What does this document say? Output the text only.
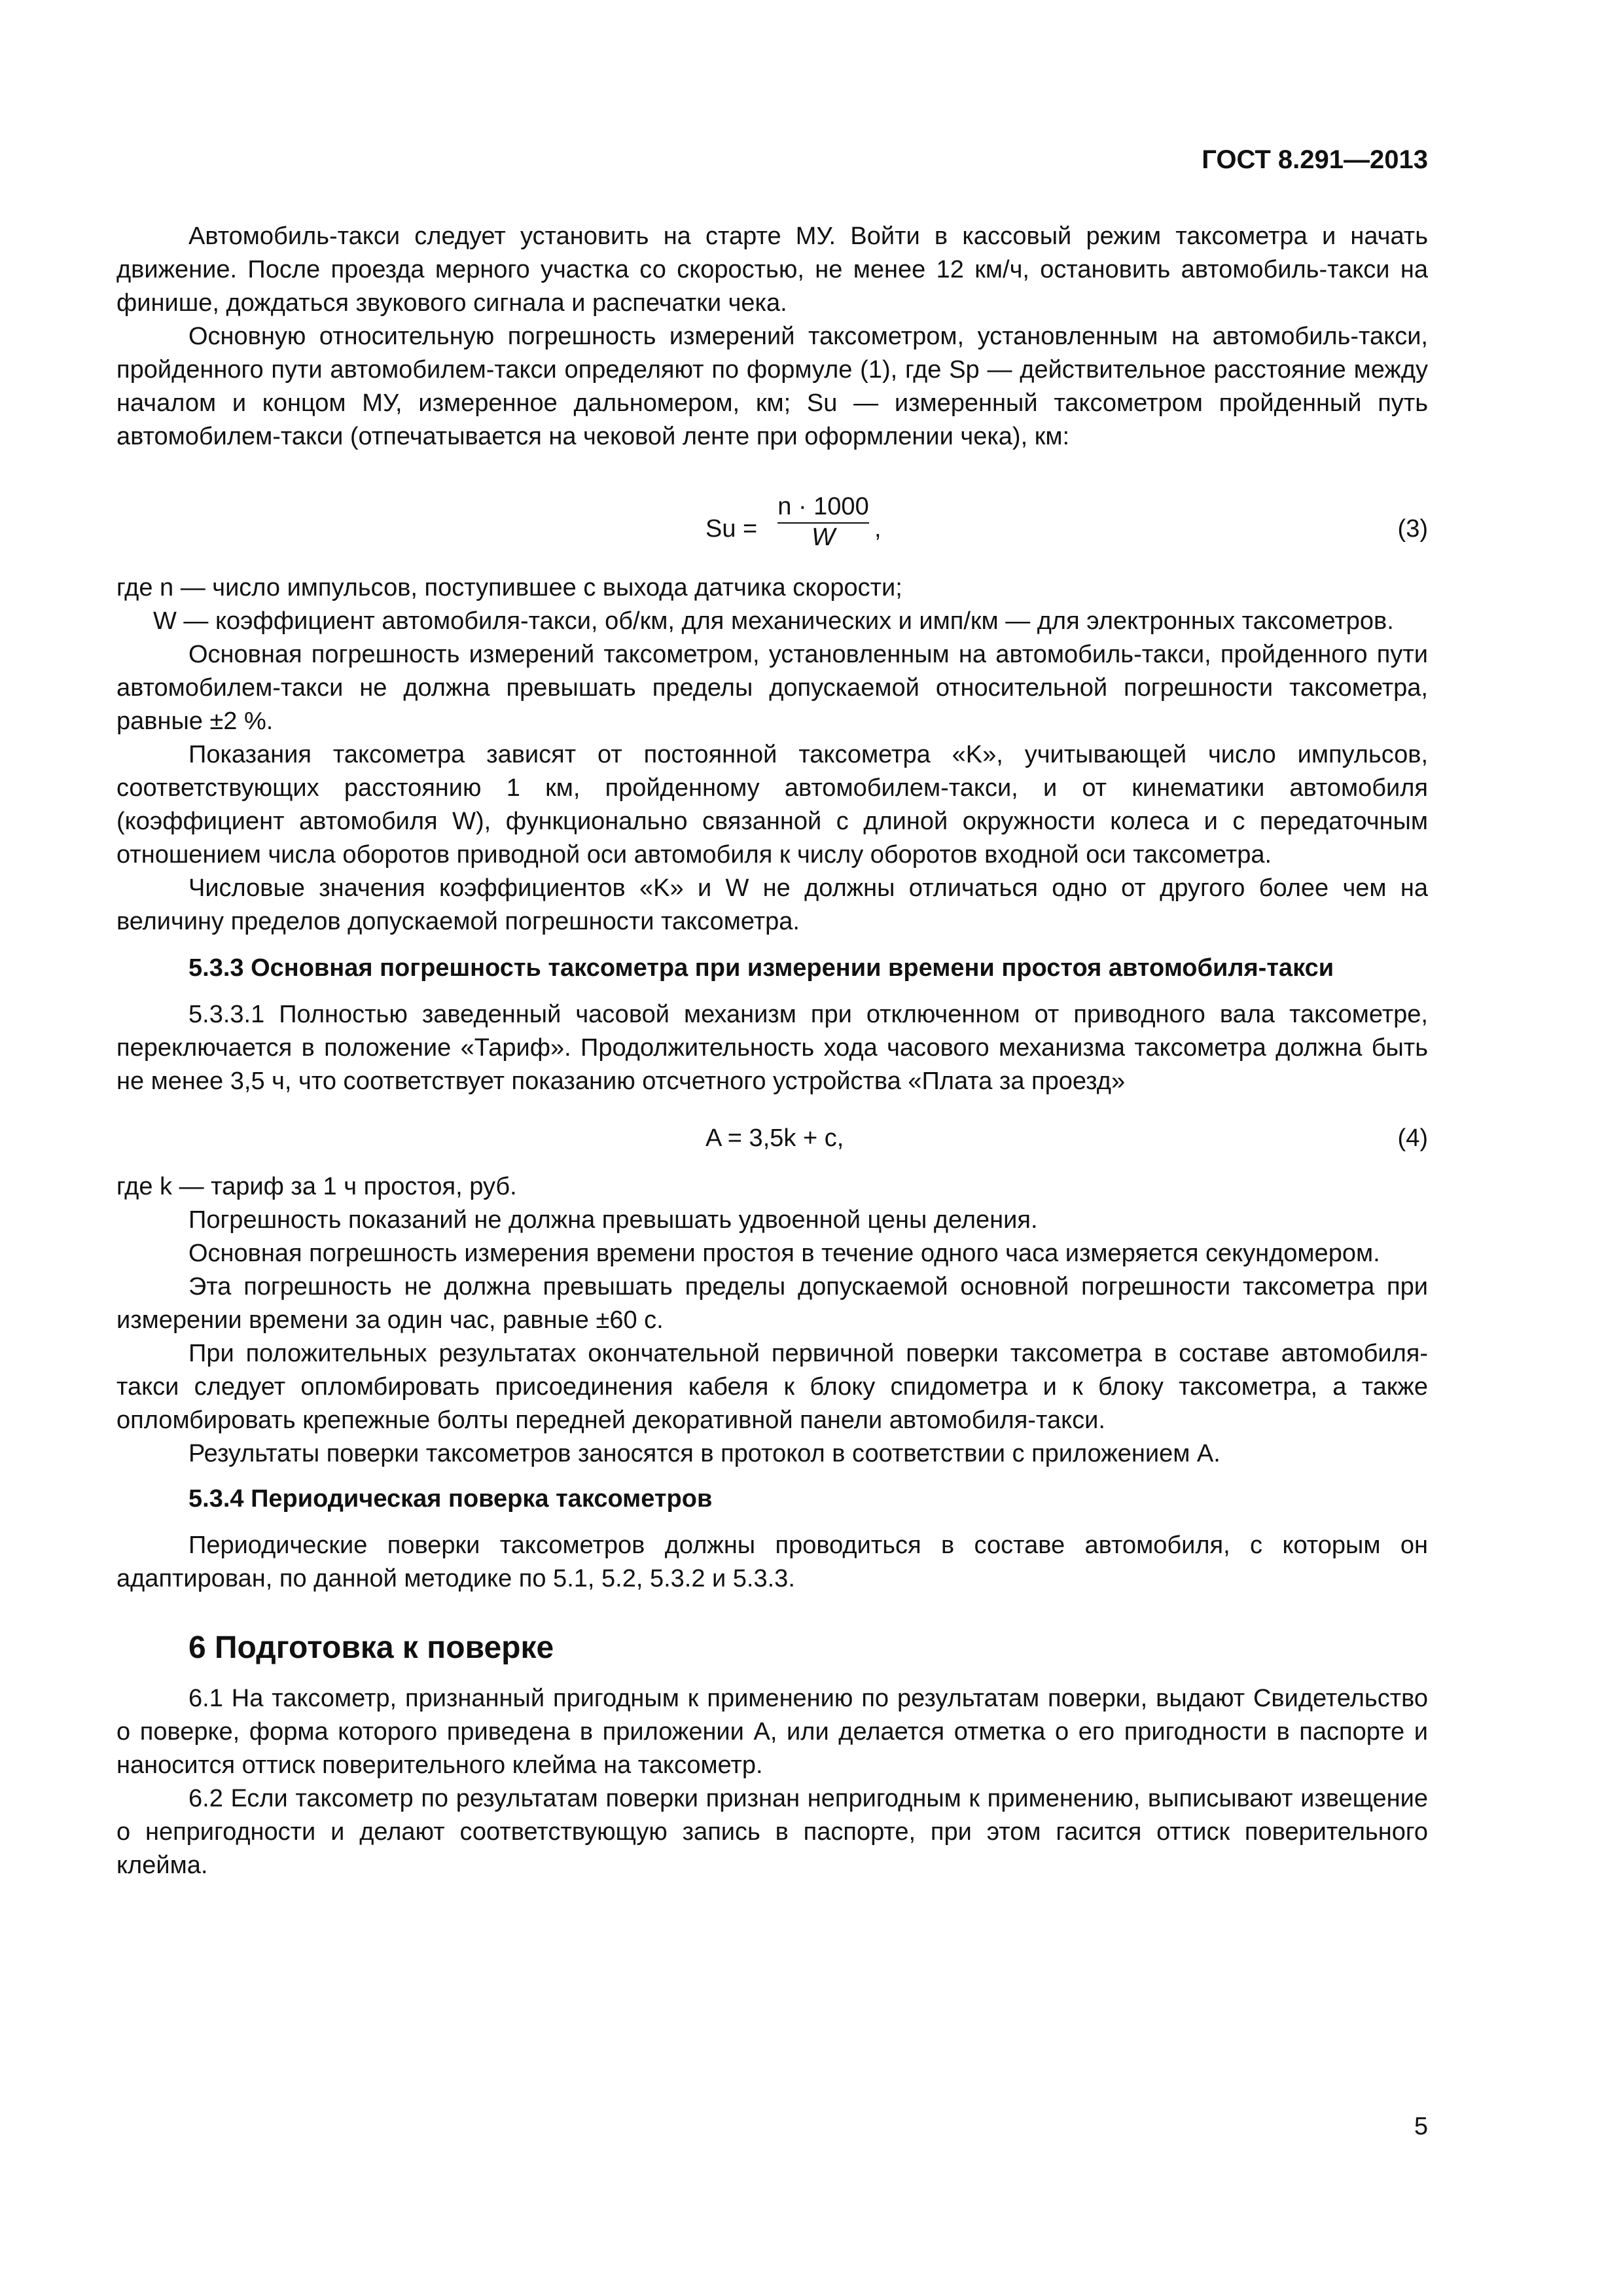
ГОСТ 8.291—2013

Автомобиль-такси следует установить на старте МУ. Войти в кассовый режим таксометра и начать движение. После проезда мерного участка со скоростью, не менее 12 км/ч, остановить автомобиль-такси на финише, дождаться звукового сигнала и распечатки чека.

Основную относительную погрешность измерений таксометром, установленным на автомобиль-такси, пройденного пути автомобилем-такси определяют по формуле (1), где Sp — действительное расстояние между началом и концом МУ, измеренное дальномером, км; Su — измеренный таксометром пройденный путь автомобилем-такси (отпечатывается на чековой ленте при оформлении чека), км:

$Su = \frac{n \cdot 1000}{W}$ ,	(3)

где n — число импульсов, поступившее с выхода датчика скорости;

W — коэффициент автомобиля-такси, об/км, для механических и имп/км — для электронных таксометров.

Основная погрешность измерений таксометром, установленным на автомобиль-такси, пройденного пути автомобилем-такси не должна превышать пределы допускаемой относительной погрешности таксометра, равные ±2 %.

Показания таксометра зависят от постоянной таксометра «K», учитывающей число импульсов, соответствующих расстоянию 1 км, пройденному автомобилем-такси, и от кинематики автомобиля (коэффициент автомобиля W), функционально связанной с длиной окружности колеса и с передаточным отношением числа оборотов приводной оси автомобиля к числу оборотов входной оси таксометра.

Числовые значения коэффициентов «K» и W не должны отличаться одно от другого более чем на величину пределов допускаемой погрешности таксометра.

5.3.3 Основная погрешность таксометра при измерении времени простоя автомобиля-такси

5.3.3.1 Полностью заведенный часовой механизм при отключенном от приводного вала таксометре, переключается в положение «Тариф». Продолжительность хода часового механизма таксометра должна быть не менее 3,5 ч, что соответствует показанию отсчетного устройства «Плата за проезд»

A = 3,5k + c,	(4)

где k — тариф за 1 ч простоя, руб.

Погрешность показаний не должна превышать удвоенной цены деления.

Основная погрешность измерения времени простоя в течение одного часа измеряется секундомером.

Эта погрешность не должна превышать пределы допускаемой основной погрешности таксометра при измерении времени за один час, равные ±60 с.

При положительных результатах окончательной первичной поверки таксометра в составе автомобиля-такси следует опломбировать присоединения кабеля к блоку спидометра и к блоку таксометра, а также опломбировать крепежные болты передней декоративной панели автомобиля-такси.

Результаты поверки таксометров заносятся в протокол в соответствии с приложением А.

5.3.4 Периодическая поверка таксометров

Периодические поверки таксометров должны проводиться в составе автомобиля, с которым он адаптирован, по данной методике по 5.1, 5.2, 5.3.2 и 5.3.3.

6 Подготовка к поверке

6.1 На таксометр, признанный пригодным к применению по результатам поверки, выдают Свидетельство о поверке, форма которого приведена в приложении А, или делается отметка о его пригодности в паспорте и наносится оттиск поверительного клейма на таксометр.

6.2 Если таксометр по результатам поверки признан непригодным к применению, выписывают извещение о непригодности и делают соответствующую запись в паспорте, при этом гасится оттиск поверительного клейма.

5
